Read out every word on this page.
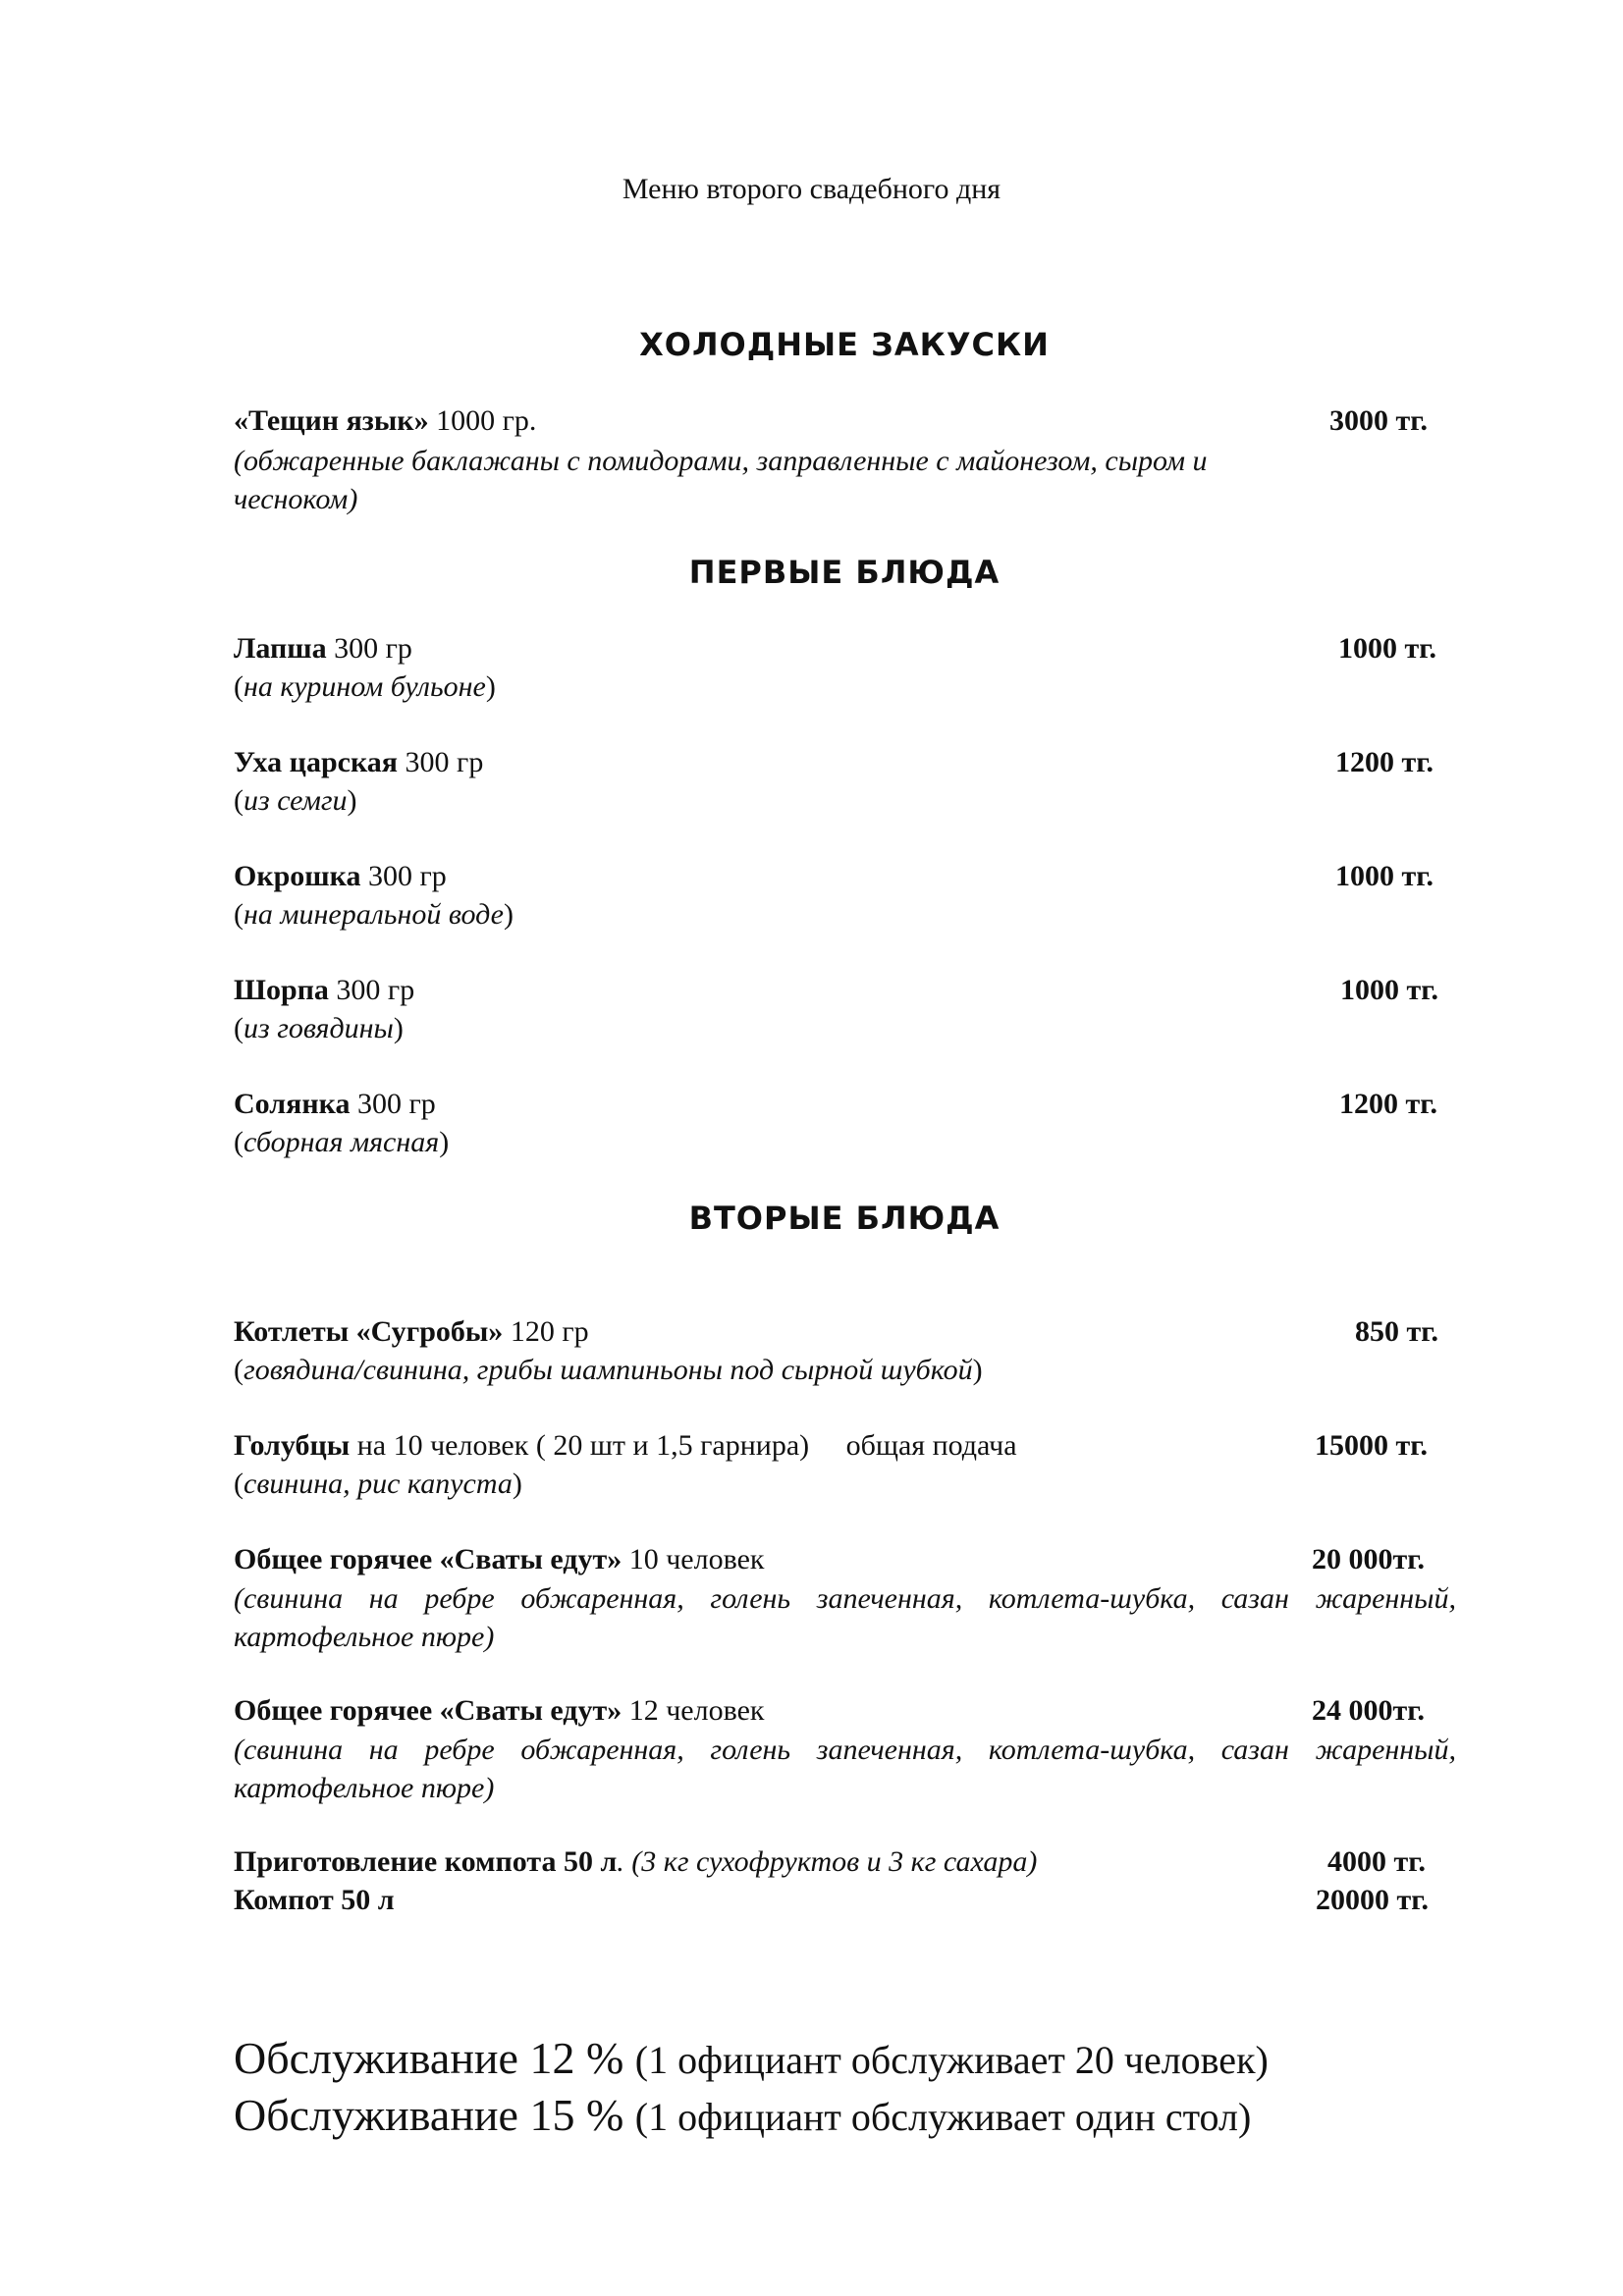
Меню второго свадебного дня
ХОЛОДНЫЕ ЗАКУСКИ
«Тещин язык» 1000 гр.	3000 тг.
(обжаренные баклажаны с помидорами, заправленные с майонезом, сыром и чесноком)
ПЕРВЫЕ БЛЮДА
Лапша 300 гр	1000 тг.
(на курином бульоне)
Уха царская 300 гр	1200 тг.
(из семги)
Окрошка 300 гр	1000 тг.
(на минеральной воде)
Шорпа 300 гр	1000 тг.
(из говядины)
Солянка 300 гр	1200 тг.
(сборная мясная)
ВТОРЫЕ БЛЮДА
Котлеты «Сугробы» 120 гр	850 тг.
(говядина/свинина, грибы шампиньоны под сырной шубкой)
Голубцы на 10 человек ( 20 шт и 1,5 гарнира)     общая подача	15000 тг.
(свинина, рис капуста)
Общее горячее «Сваты едут» 10 человек	20 000тг.
(свинина на ребре обжаренная, голень запеченная, котлета-шубка, сазан жаренный, картофельное пюре)
Общее горячее «Сваты едут» 12 человек	24 000тг.
(свинина на ребре обжаренная, голень запеченная, котлета-шубка, сазан жаренный, картофельное пюре)
Приготовление компота 50 л. (3 кг сухофруктов и 3 кг сахара)	4000 тг.
Компот 50 л	20000 тг.
Обслуживание 12 % (1 официант обслуживает 20 человек)
Обслуживание 15 % (1 официант обслуживает один стол)
